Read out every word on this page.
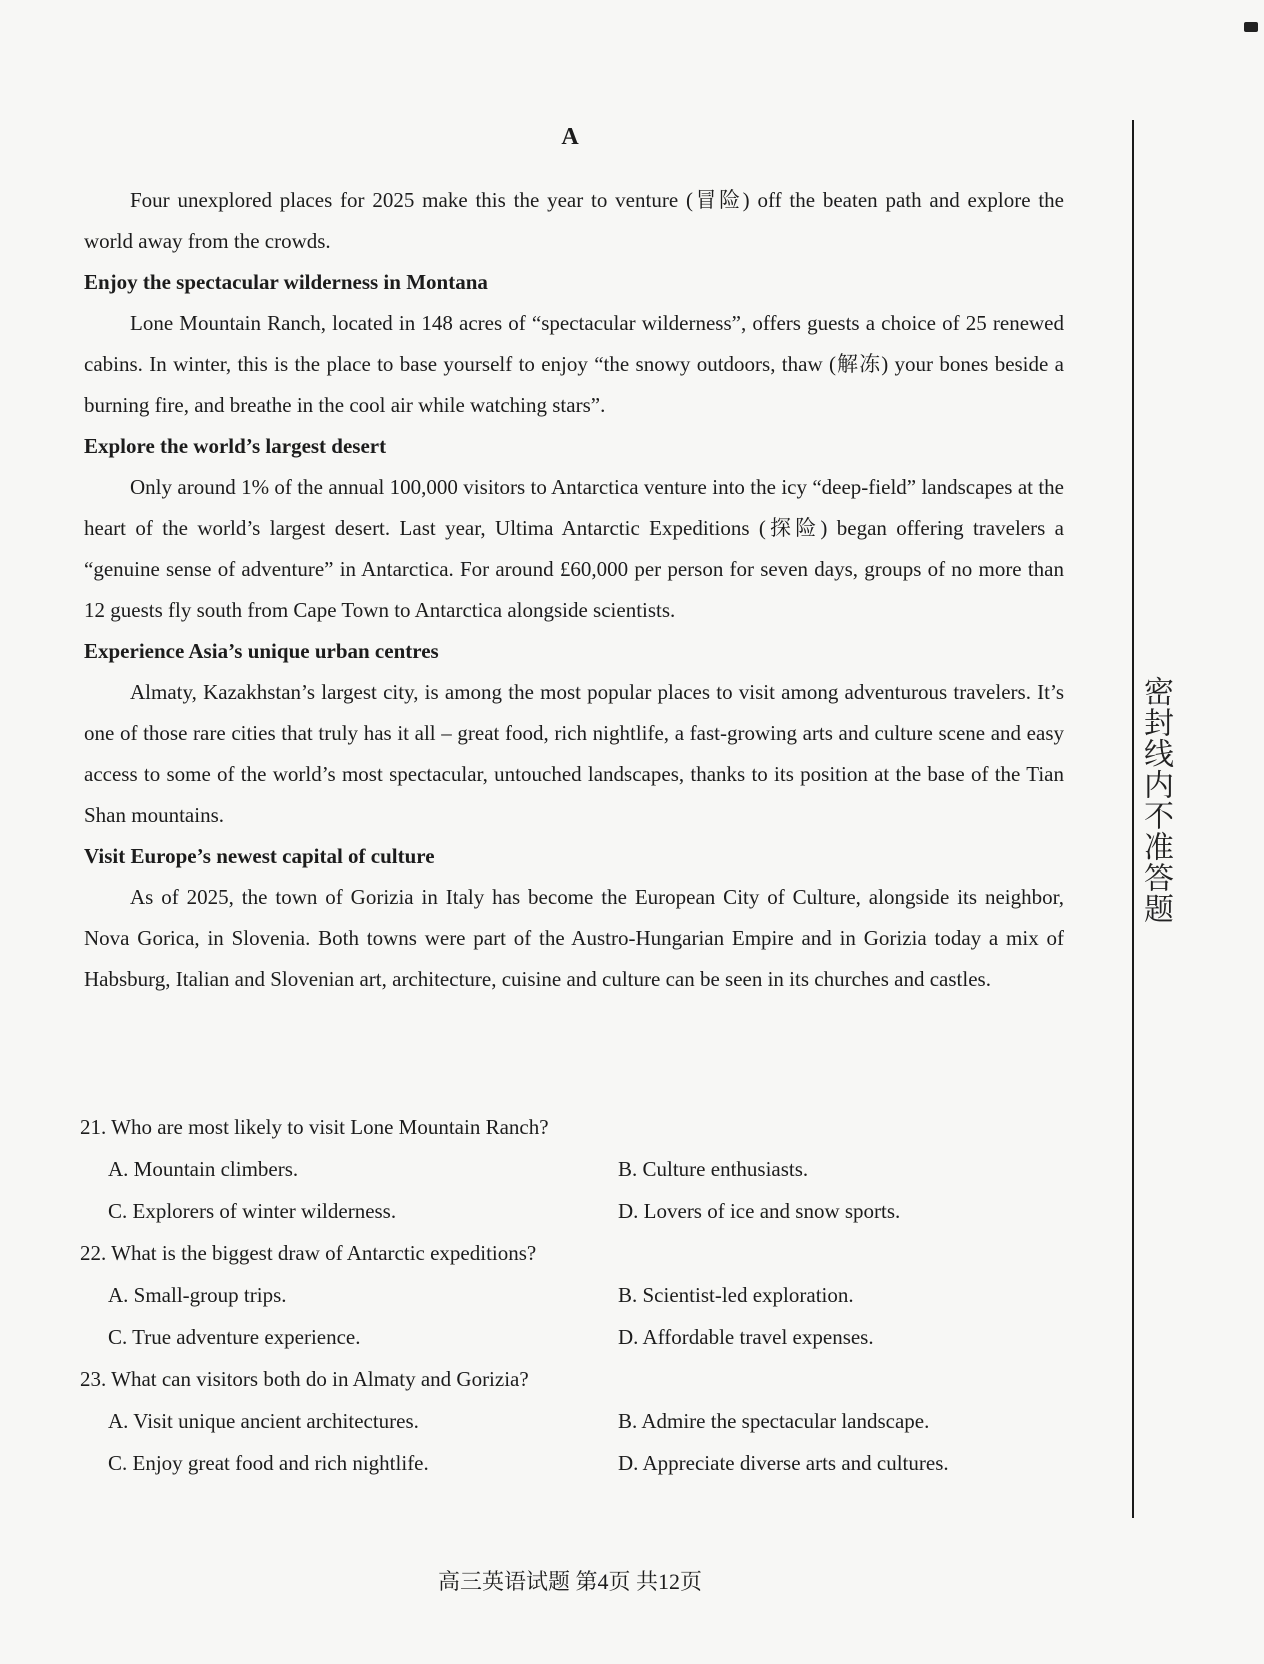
A

Four unexplored places for 2025 make this the year to venture (冒险) off the beaten path and explore the world away from the crowds.

Enjoy the spectacular wilderness in Montana

Lone Mountain Ranch, located in 148 acres of “spectacular wilderness”, offers guests a choice of 25 renewed cabins. In winter, this is the place to base yourself to enjoy “the snowy outdoors, thaw (解冻) your bones beside a burning fire, and breathe in the cool air while watching stars”.

Explore the world’s largest desert

Only around 1% of the annual 100,000 visitors to Antarctica venture into the icy “deep-field” landscapes at the heart of the world’s largest desert. Last year, Ultima Antarctic Expeditions (探险) began offering travelers a “genuine sense of adventure” in Antarctica. For around £60,000 per person for seven days, groups of no more than 12 guests fly south from Cape Town to Antarctica alongside scientists.

Experience Asia’s unique urban centres

Almaty, Kazakhstan’s largest city, is among the most popular places to visit among adventurous travelers. It’s one of those rare cities that truly has it all – great food, rich nightlife, a fast-growing arts and culture scene and easy access to some of the world’s most spectacular, untouched landscapes, thanks to its position at the base of the Tian Shan mountains.

Visit Europe’s newest capital of culture

As of 2025, the town of Gorizia in Italy has become the European City of Culture, alongside its neighbor, Nova Gorica, in Slovenia. Both towns were part of the Austro-Hungarian Empire and in Gorizia today a mix of Habsburg, Italian and Slovenian art, architecture, cuisine and culture can be seen in its churches and castles.

21. Who are most likely to visit Lone Mountain Ranch?

A. Mountain climbers.	B. Culture enthusiasts.
C. Explorers of winter wilderness.	D. Lovers of ice and snow sports.

22. What is the biggest draw of Antarctic expeditions?

A. Small-group trips.	B. Scientist-led exploration.
C. True adventure experience.	D. Affordable travel expenses.

23. What can visitors both do in Almaty and Gorizia?

A. Visit unique ancient architectures.	B. Admire the spectacular landscape.
C. Enjoy great food and rich nightlife.	D. Appreciate diverse arts and cultures.
密封线内不准答题
高三英语试题 第4页 共12页
